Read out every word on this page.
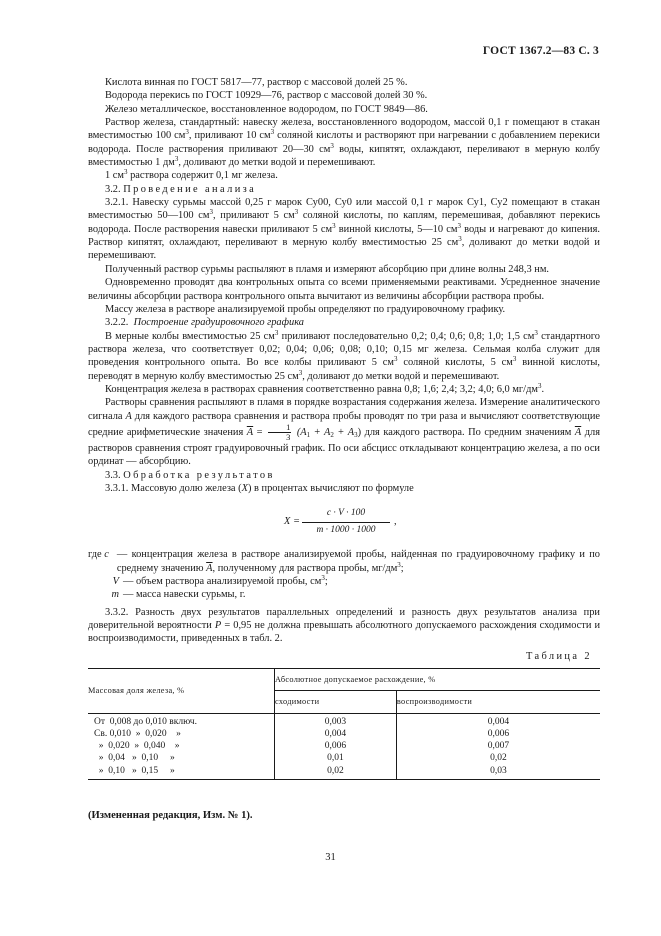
ГОСТ 1367.2—83 С. 3

Кислота винная по ГОСТ 5817—77, раствор с массовой долей 25 %.

Водорода перекись по ГОСТ 10929—76, раствор с массовой долей 30 %.

Железо металлическое, восстановленное водородом, по ГОСТ 9849—86.

Раствор железа, стандартный: навеску железа, восстановленного водородом, массой 0,1 г помещают в стакан вместимостью 100 $см^3$, приливают 10 $см^3$ соляной кислоты и растворяют при нагревании с добавлением перекиси водорода. После растворения приливают 20—30 $см^3$ воды, кипятят, охлаждают, переливают в мерную колбу вместимостью 1 $дм^3$, доливают до метки водой и перемешивают.

1 $см^3$ раствора содержит 0,1 мг железа.

3.2. Проведение анализа

3.2.1. Навеску сурьмы массой 0,25 г марок Су00, Су0 или массой 0,1 г марок Су1, Су2 помещают в стакан вместимостью 50—100 $см^3$, приливают 5 $см^3$ соляной кислоты, по каплям, перемешивая, добавляют перекись водорода. После растворения навески приливают 5 $см^3$ винной кислоты, 5—10 $см^3$ воды и нагревают до кипения. Раствор кипятят, охлаждают, переливают в мерную колбу вместимостью 25 $см^3$, доливают до метки водой и перемешивают.

Полученный раствор сурьмы распыляют в пламя и измеряют абсорбцию при длине волны 248,3 нм.

Одновременно проводят два контрольных опыта со всеми применяемыми реактивами. Усредненное значение величины абсорбции раствора контрольного опыта вычитают из величины абсорбции раствора пробы.

Массу железа в растворе анализируемой пробы определяют по градуировочному графику.

3.2.2. Построение градуировочного графика

В мерные колбы вместимостью 25 $см^3$ приливают последовательно 0,2; 0,4; 0,6; 0,8; 1,0; 1,5 $см^3$ стандартного раствора железа, что соответствует 0,02; 0,04; 0,06; 0,08; 0,10; 0,15 мг железа. Сельмая колба служит для проведения контрольного опыта. Во все колбы приливают 5 $см^3$ соляной кислоты, 5 $см^3$ винной кислоты, переводят в мерную колбу вместимостью 25 $см^3$, доливают до метки водой и перемешивают.

Концентрация железа в растворах сравнения соответственно равна 0,8; 1,6; 2,4; 3,2; 4,0; 6,0 $мг/дм^3$.

Растворы сравнения распыляют в пламя в порядке возрастания содержания железа. Измерение аналитического сигнала A для каждого раствора сравнения и раствора пробы проводят по три раза и вычисляют соответствующие средние арифметические значения $\overline{A} = \frac{1}{3} (A_1 + A_2 + A_3)$ для каждого раствора. По средним значениям $\overline{A}$ для растворов сравнения строят градуировочный график. По оси абсцисс откладывают концентрацию железа, а по оси ординат — абсорбцию.

3.3. Обработка результатов

3.3.1. Массовую долю железа (X) в процентах вычисляют по формуле

$X = \frac{c \cdot V \cdot 100}{m \cdot 1000 \cdot 1000}$ ,
где c — концентрация железа в растворе анализируемой пробы, найденная по градуировочному графику и по среднему значению $\overline{A}$, полученному для раствора пробы, $мг/дм^3$;
V — объем раствора анализируемой пробы, $см^3$;
m — масса навески сурьмы, г.

3.3.2. Разность двух результатов параллельных определений и разность двух результатов анализа при доверительной вероятности P = 0,95 не должна превышать абсолютного допускаемого расхождения сходимости и воспроизводимости, приведенных в табл. 2.

Таблица 2
Массовая доля железа, %	Абсолютное допускаемое расхождение, %	
	сходимости	воспроизводимости
От  0,008 до 0,010 включ.	0,003	0,004
Св. 0,010  »  0,020    »	0,004	0,006
»  0,020  »  0,040    »	0,006	0,007
»  0,04   »  0,10     »	0,01	0,02
»  0,10   »  0,15     »	0,02	0,03
(Измененная редакция, Изм. № 1).
31
